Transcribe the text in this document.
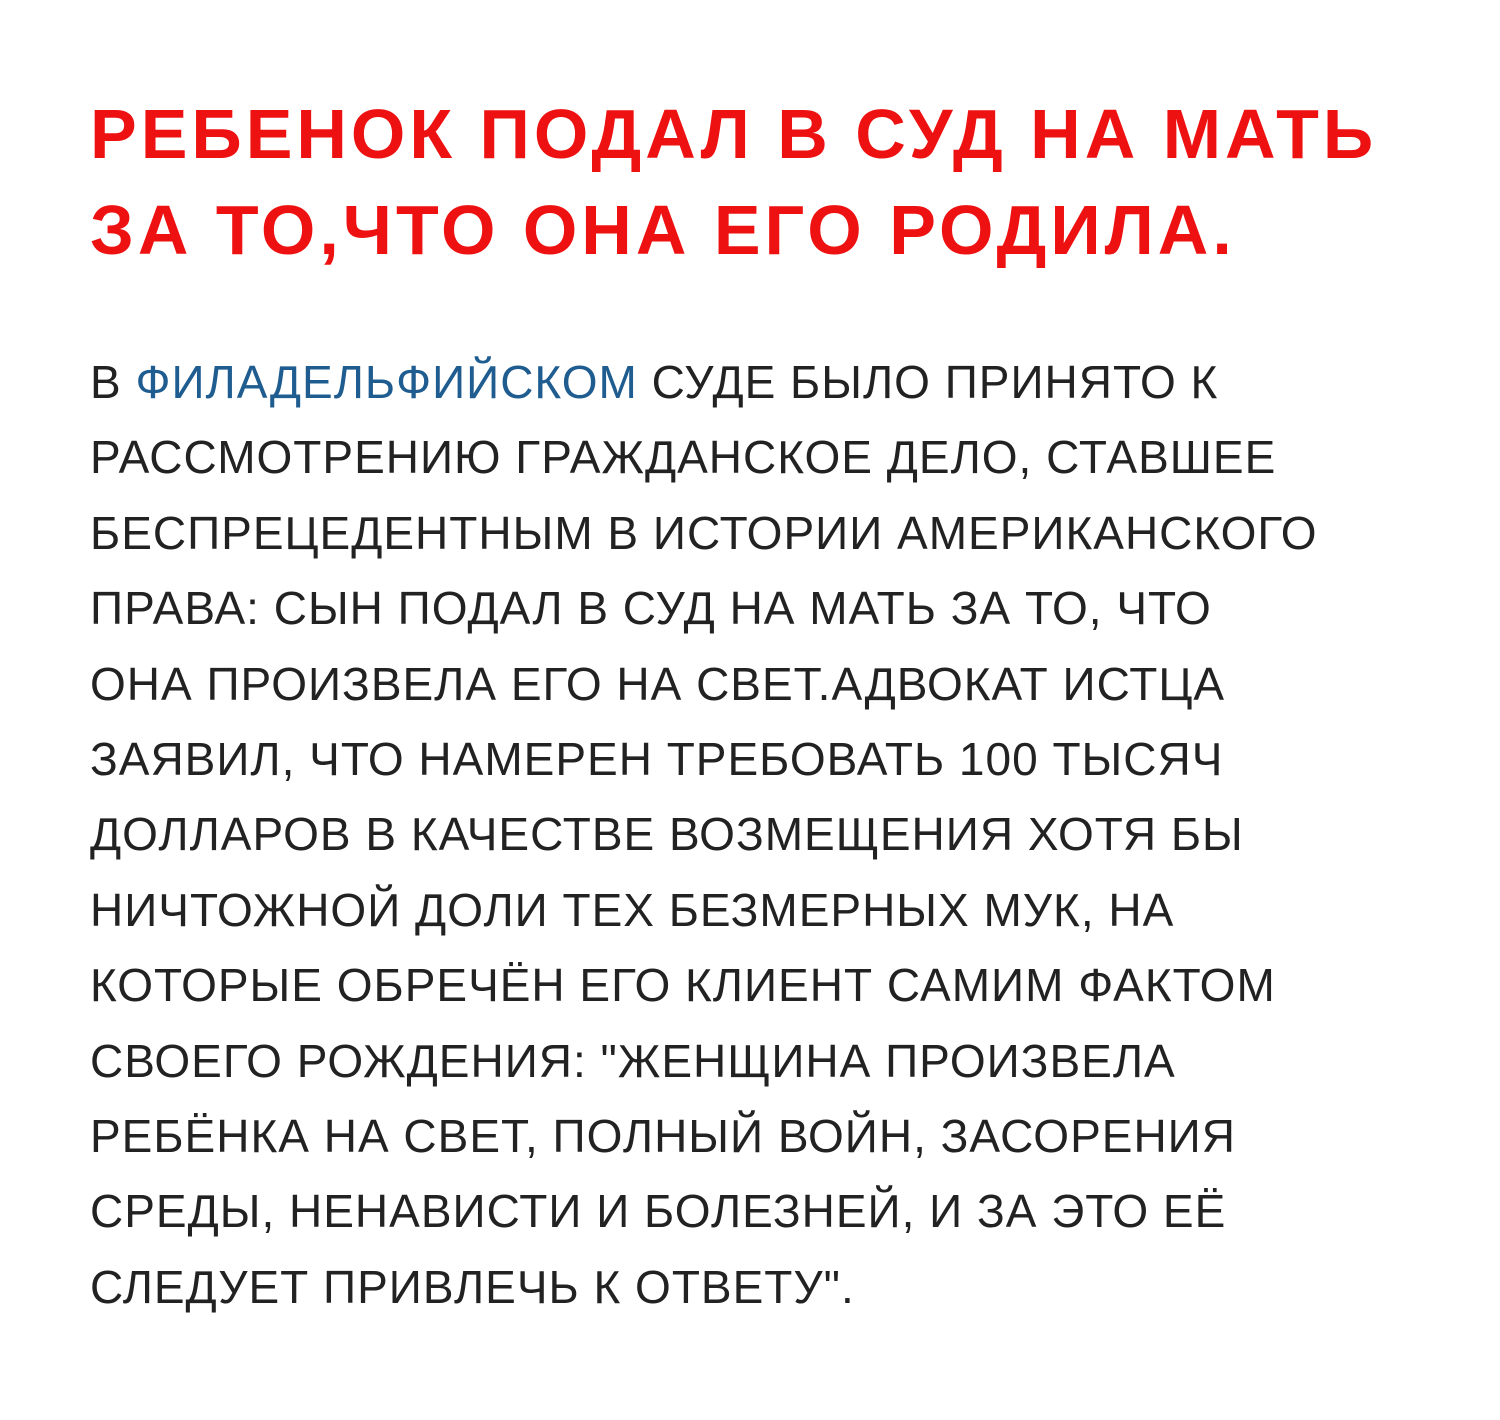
РЕБЕНОК ПОДАЛ В СУД НА МАТЬ
ЗА ТО,ЧТО ОНА ЕГО РОДИЛА.
В ФИЛАДЕЛЬФИЙСКОМ СУДЕ БЫЛО ПРИНЯТО К
РАССМОТРЕНИЮ ГРАЖДАНСКОЕ ДЕЛО, СТАВШЕЕ
БЕСПРЕЦЕДЕНТНЫМ В ИСТОРИИ АМЕРИКАНСКОГО
ПРАВА: СЫН ПОДАЛ В СУД НА МАТЬ ЗА ТО, ЧТО
ОНА ПРОИЗВЕЛА ЕГО НА СВЕТ.АДВОКАТ ИСТЦА
ЗАЯВИЛ, ЧТО НАМЕРЕН ТРЕБОВАТЬ 100 ТЫСЯЧ
ДОЛЛАРОВ В КАЧЕСТВЕ ВОЗМЕЩЕНИЯ ХОТЯ БЫ
НИЧТОЖНОЙ ДОЛИ ТЕХ БЕЗМЕРНЫХ МУК, НА
КОТОРЫЕ ОБРЕЧЁН ЕГО КЛИЕНТ САМИМ ФАКТОМ
СВОЕГО РОЖДЕНИЯ: "ЖЕНЩИНА ПРОИЗВЕЛА
РЕБЁНКА НА СВЕТ, ПОЛНЫЙ ВОЙН, ЗАСОРЕНИЯ
СРЕДЫ, НЕНАВИСТИ И БОЛЕЗНЕЙ, И ЗА ЭТО ЕЁ
СЛЕДУЕТ ПРИВЛЕЧЬ К ОТВЕТУ".
